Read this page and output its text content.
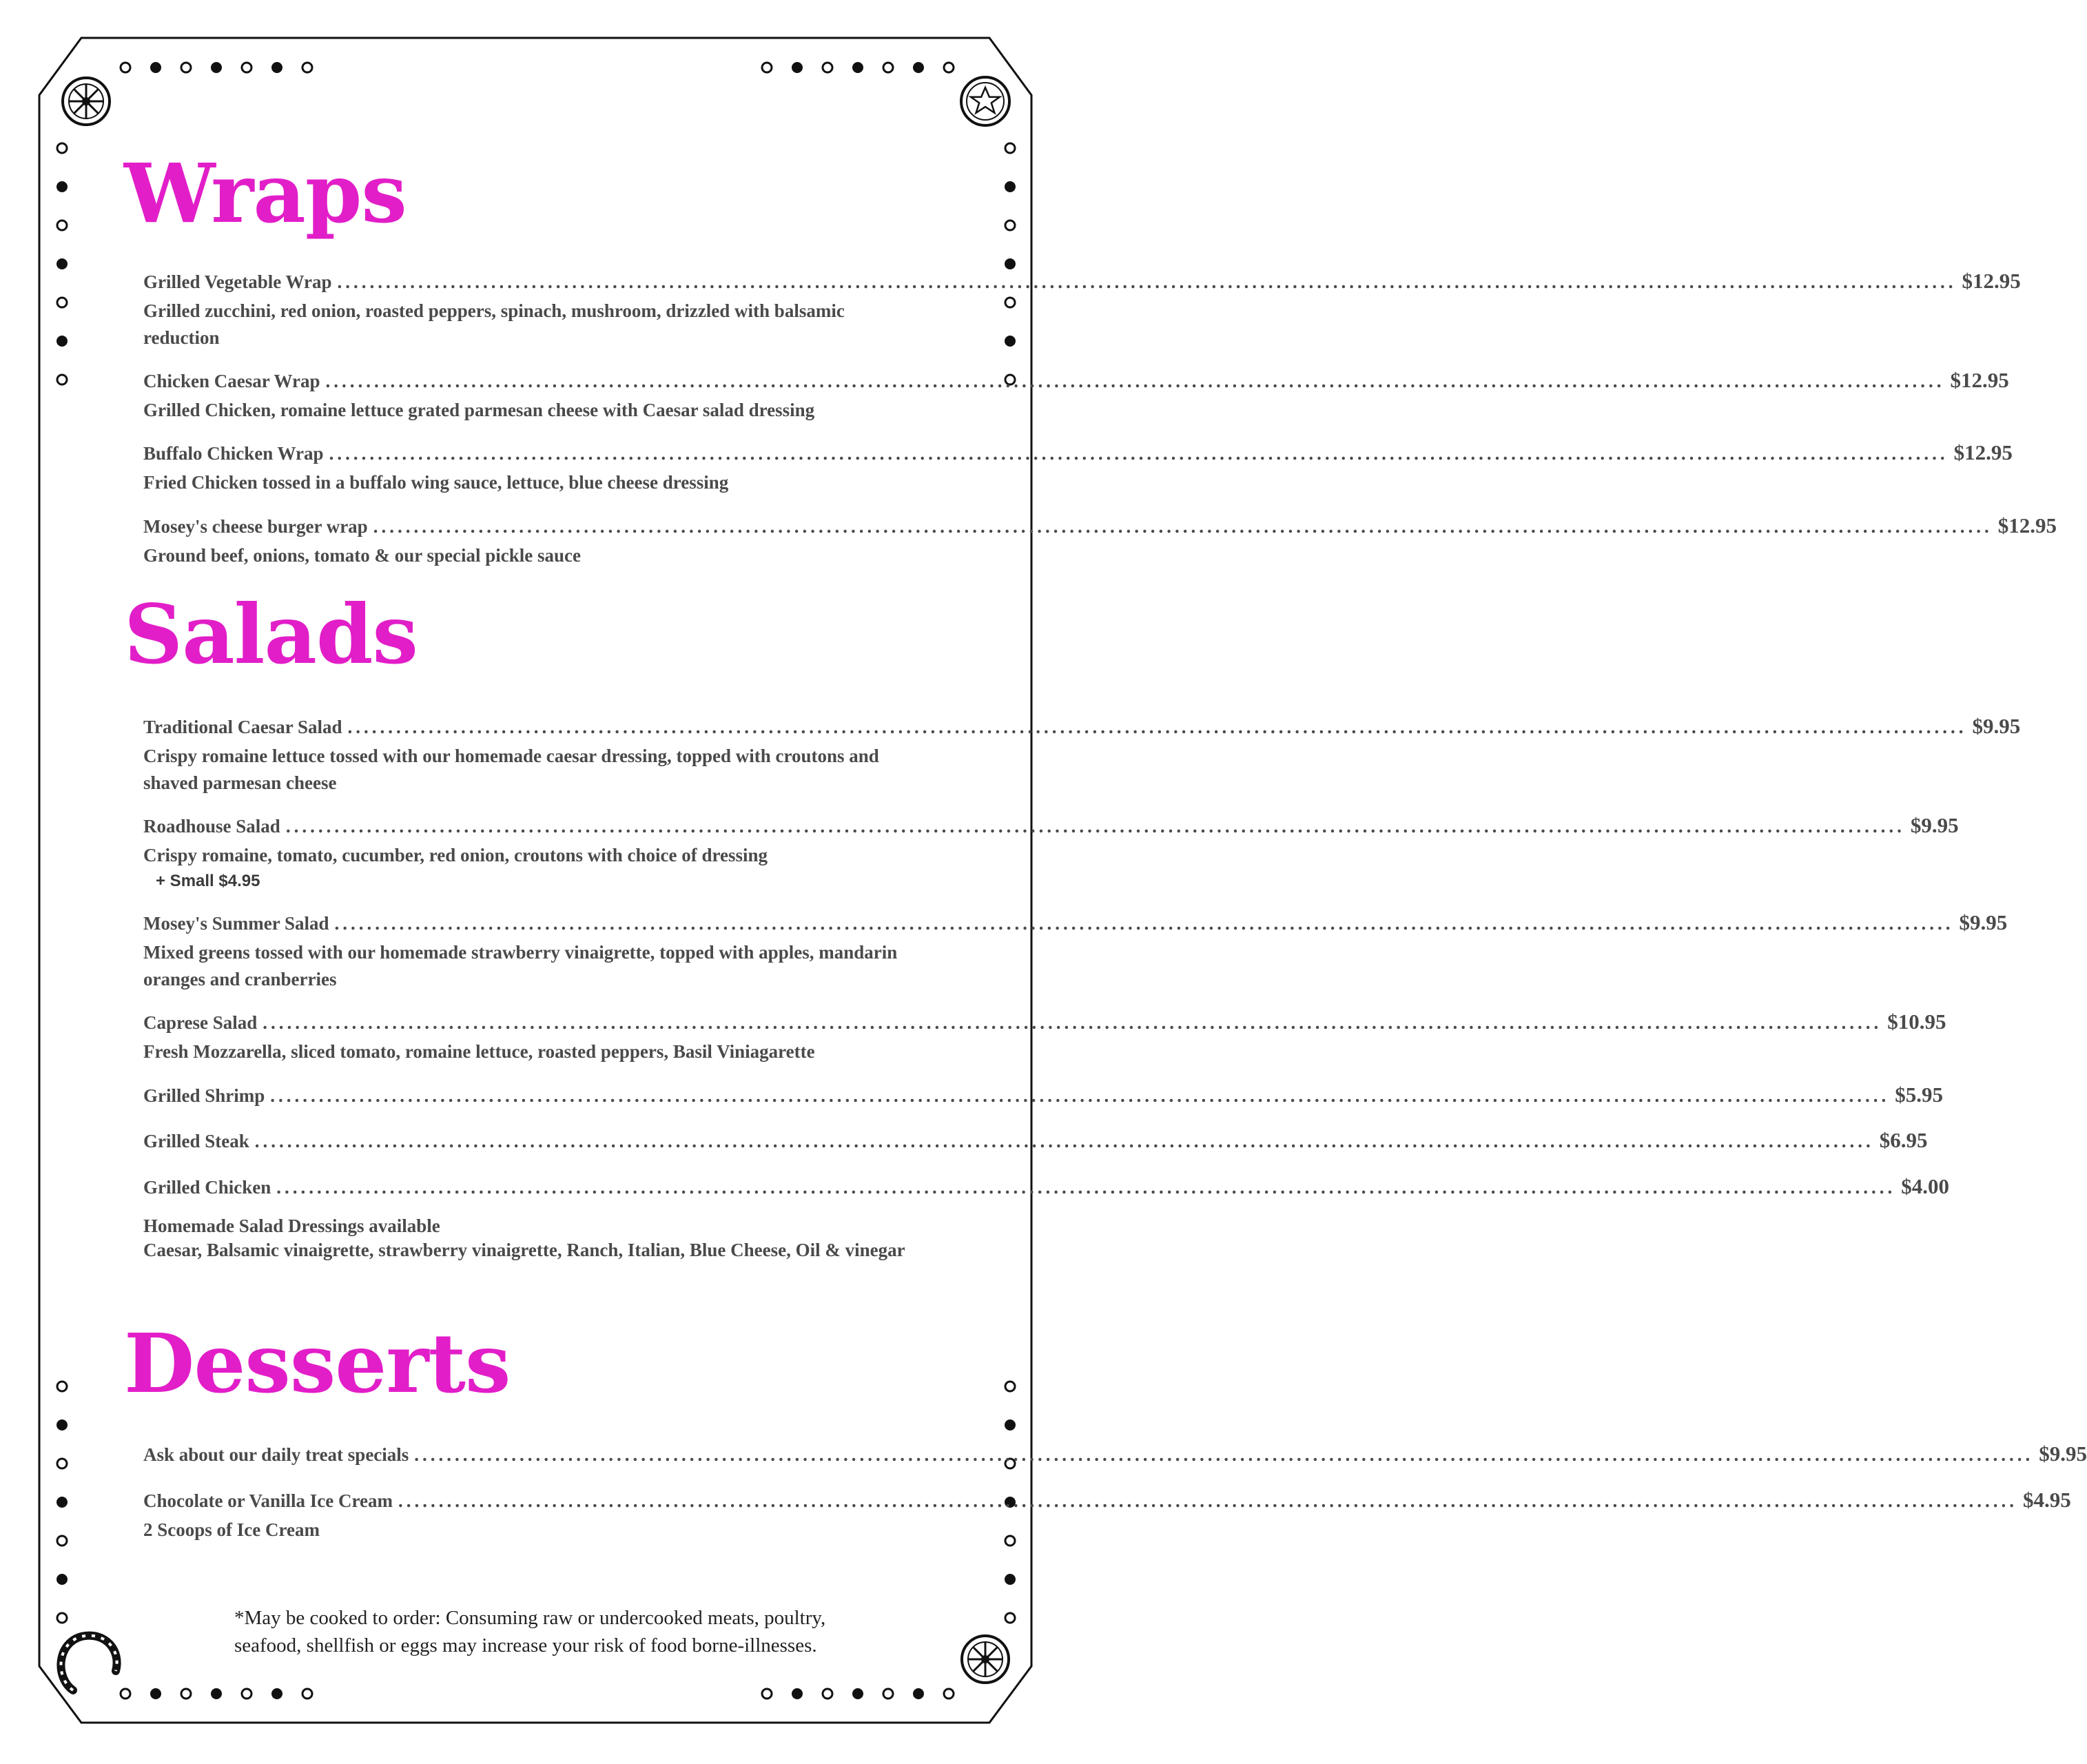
Wraps
Grilled Vegetable Wrap ........................................................................................................................................................................................................ $12.95
Grilled zucchini, red onion, roasted peppers, spinach, mushroom, drizzled with balsamic reduction
Chicken Caesar Wrap ........................................................................................................................................................................................................ $12.95
Grilled Chicken, romaine lettuce grated parmesan cheese with Caesar salad dressing
Buffalo Chicken Wrap ........................................................................................................................................................................................................ $12.95
Fried Chicken tossed in a buffalo wing sauce, lettuce, blue cheese dressing
Mosey's cheese burger wrap ........................................................................................................................................................................................................ $12.95
Ground beef, onions, tomato & our special pickle sauce
Salads
Traditional Caesar Salad ........................................................................................................................................................................................................ $9.95
Crispy romaine lettuce tossed with our homemade caesar dressing, topped with croutons and shaved parmesan cheese
Roadhouse Salad ........................................................................................................................................................................................................ $9.95
Crispy romaine, tomato, cucumber, red onion, croutons with choice of dressing
+ Small $4.95
Mosey's Summer Salad ........................................................................................................................................................................................................ $9.95
Mixed greens tossed with our homemade strawberry vinaigrette, topped with apples, mandarin oranges and cranberries
Caprese Salad ........................................................................................................................................................................................................ $10.95
Fresh Mozzarella, sliced tomato, romaine lettuce, roasted peppers, Basil Viniagarette
Grilled Shrimp ........................................................................................................................................................................................................ $5.95
Grilled Steak ........................................................................................................................................................................................................ $6.95
Grilled Chicken ........................................................................................................................................................................................................ $4.00
Homemade Salad Dressings available
Caesar, Balsamic vinaigrette, strawberry vinaigrette, Ranch, Italian, Blue Cheese, Oil & vinegar
Desserts
Ask about our daily treat specials ........................................................................................................................................................................................................ $9.95
Chocolate or Vanilla Ice Cream ........................................................................................................................................................................................................ $4.95
2 Scoops of Ice Cream
*May be cooked to order: Consuming raw or undercooked meats, poultry, seafood, shellfish or eggs may increase your risk of food borne-illnesses.
